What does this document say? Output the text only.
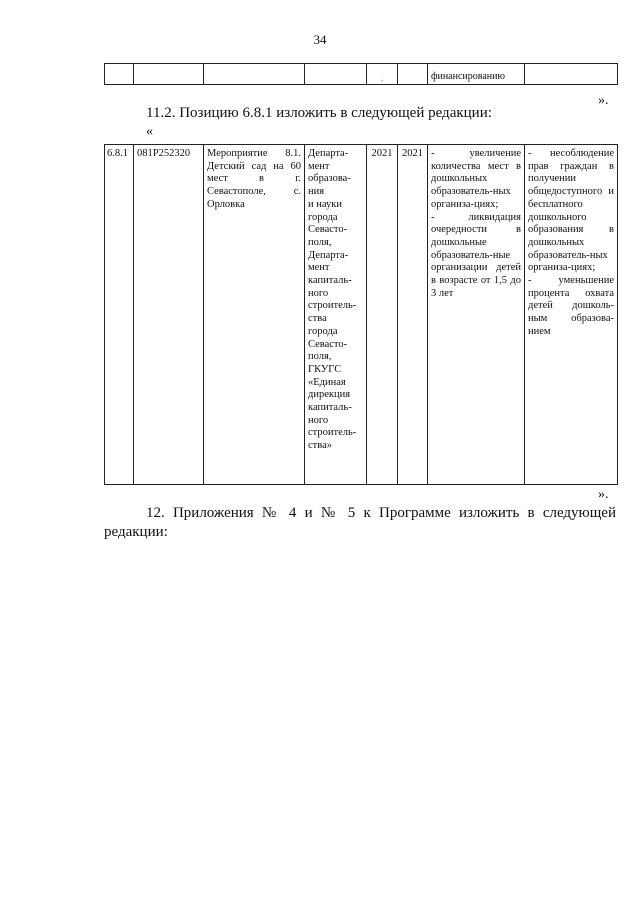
34
				ˌ		финансированию	
».
11.2. Позицию 6.8.1 изложить в следующей редакции:
«
6.8.1	081P252320	Мероприятие 8.1. Детский сад на 60 мест в г. Севастополе, с. Орловка	Департа-
мент
образова-
ния
и науки
города
Севасто-
поля,
Департа-
мент
капиталь-
ного
строитель-
ства
города
Севасто-
поля,
ГКУГС
«Единая
дирекция
капиталь-
ного
строитель-
ства»	2021	2021	- увеличение количества мест в дошкольных образователь-ных организа-циях;
- ликвидация очередности в дошкольные образователь-ные организации детей в возрасте от 1,5 до 3 лет	- несоблюдение прав граждан в получении общедоступного и бесплатного дошкольного образования в дошкольных образователь-ных организа-циях;
- уменьшение процента охвата детей дошколь-ным образова-нием
».
12. Приложения № 4 и № 5 к Программе изложить в следующей редакции:
